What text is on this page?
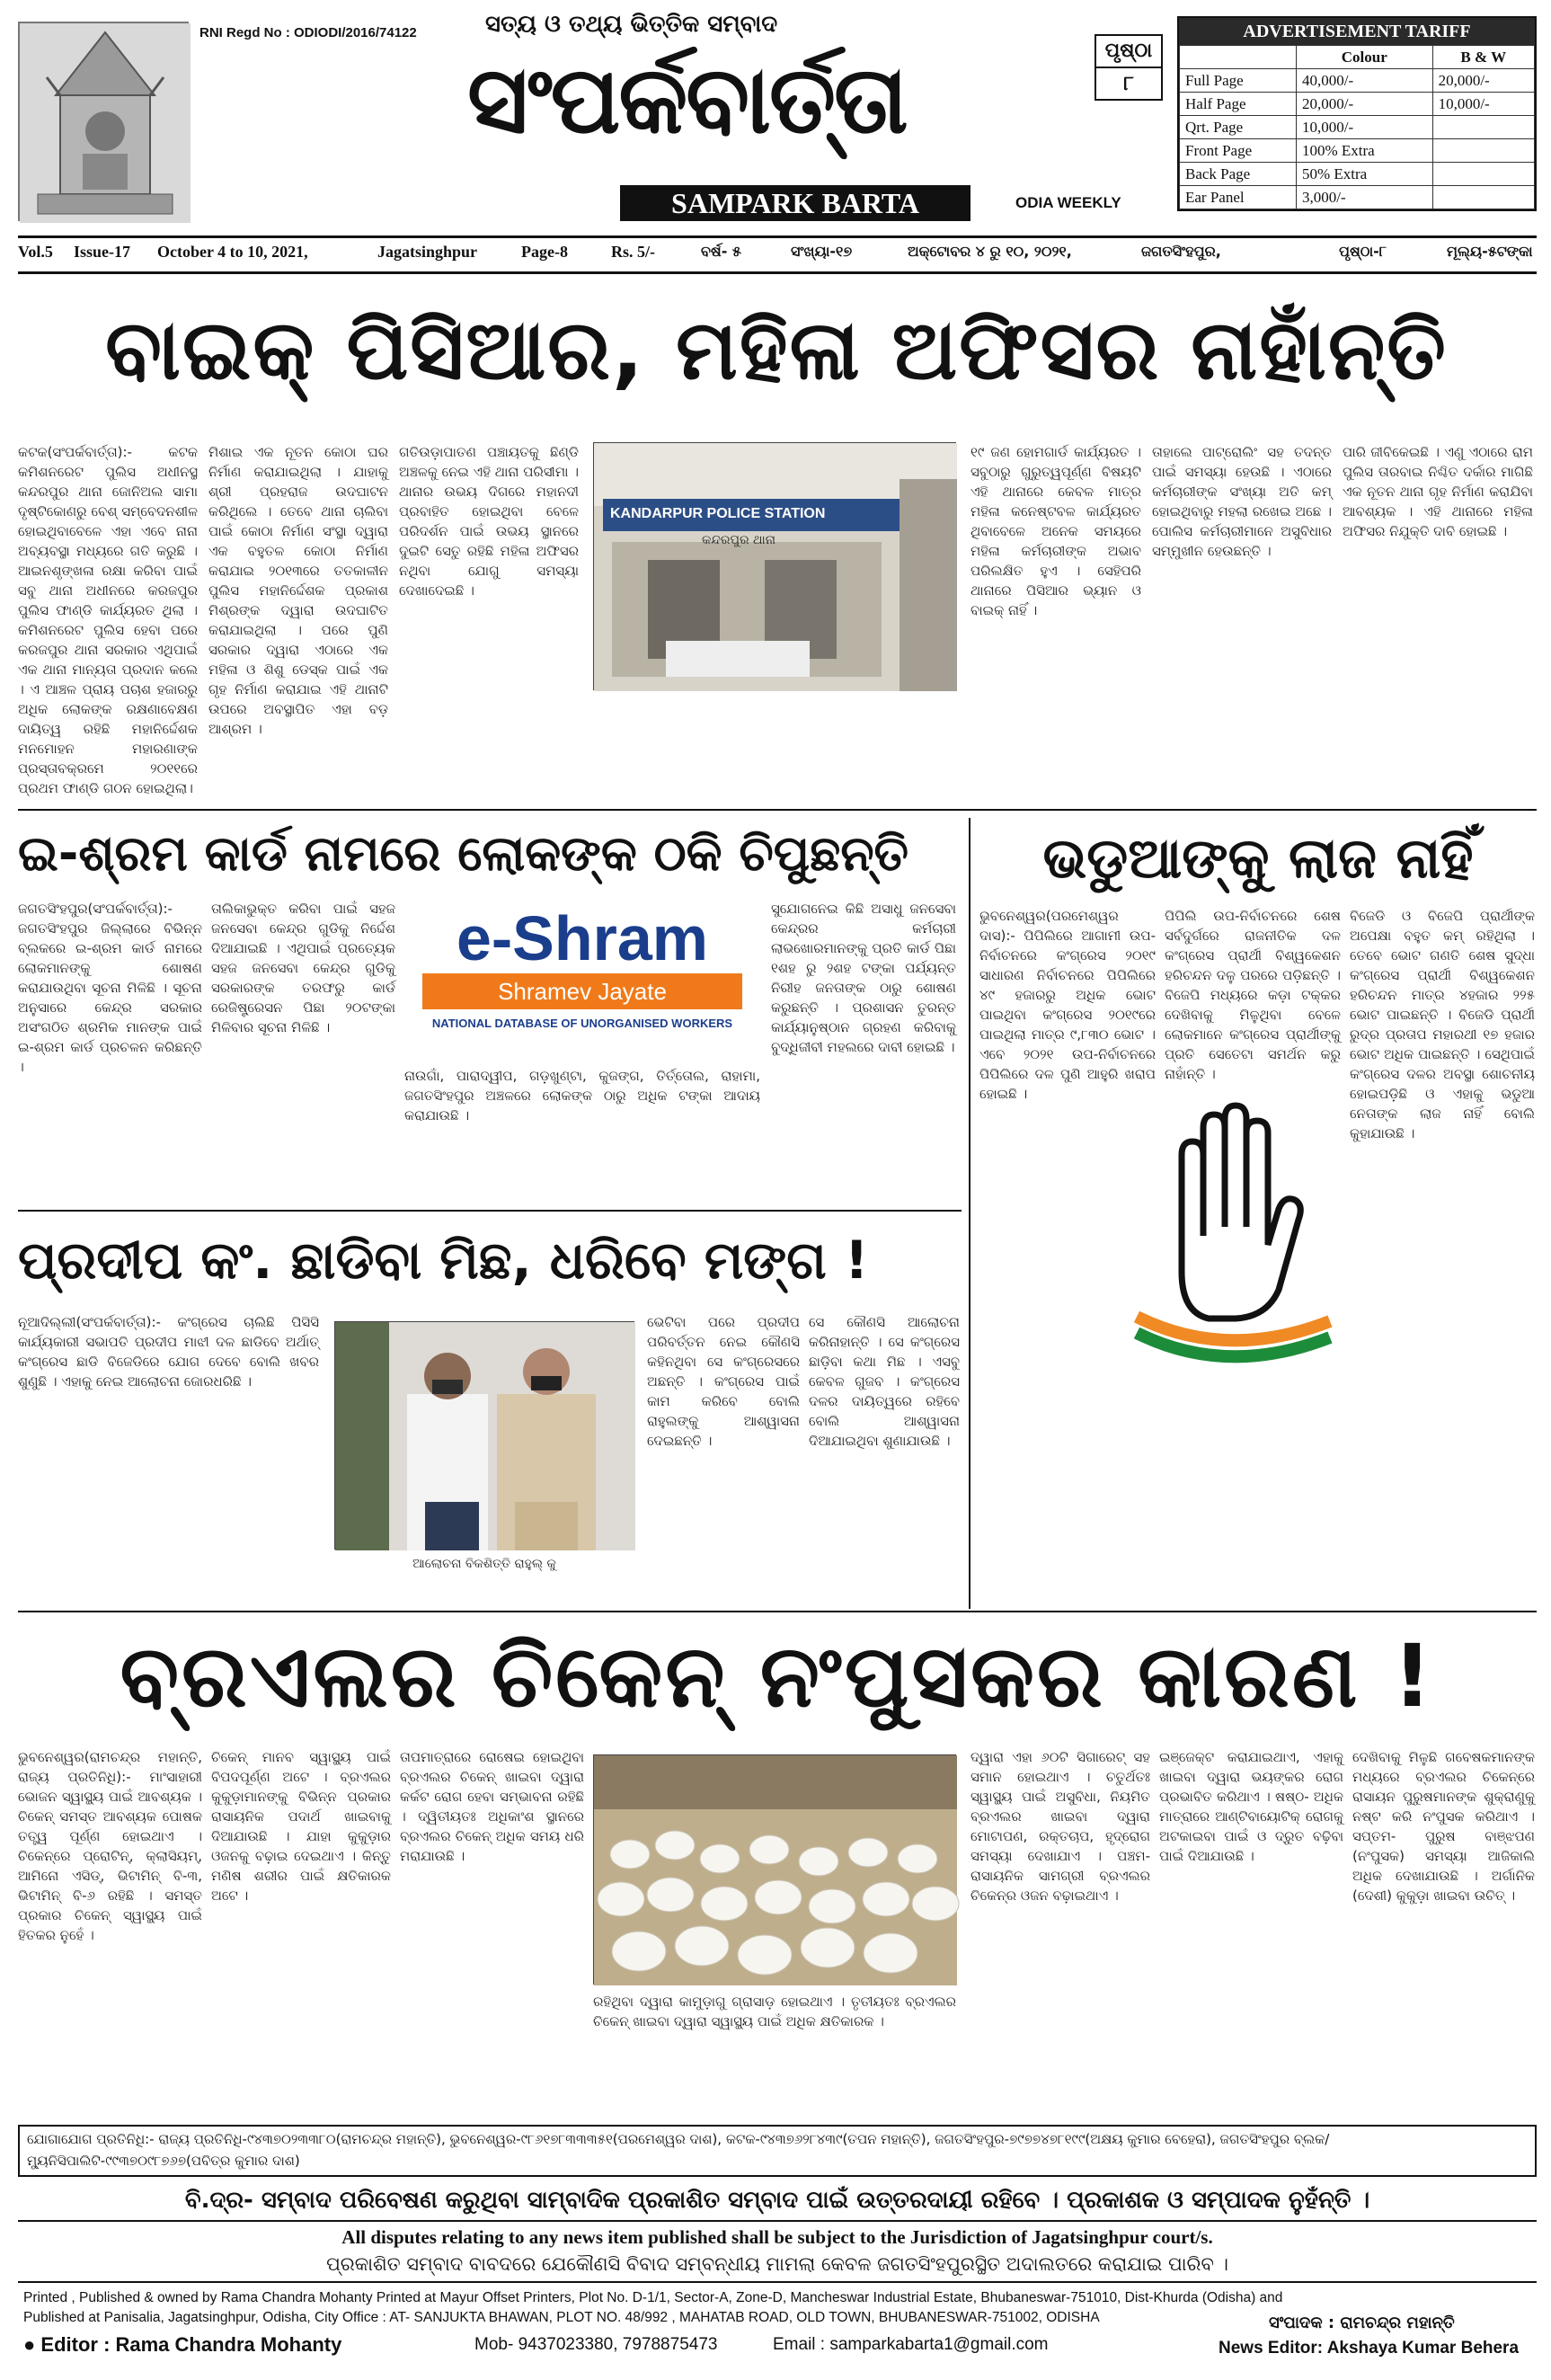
RNI Regd No : ODIODI/2016/74122	ସତ୍ୟ ଓ ତଥ୍ୟ ଭିତ୍ତିକ ସମ୍ବାଦ
ସଂପର୍କବାର୍ତ୍ତା
SAMPARK BARTA	ODIA WEEKLY
ପୃଷ୍ଠା
୮
ADVERTISEMENT TARIFF
	Colour	B & W
Full Page	40,000/-	20,000/-
Half Page	20,000/-	10,000/-
Qrt. Page	10,000/-	
Front Page	100% Extra	
Back Page	50% Extra	
Ear Panel	3,000/-	
Vol.5 Issue-17 October 4 to 10, 2021,	Jagatsinghpur	Page-8	Rs. 5/-	ବର୍ଷ- ୫	ସଂଖ୍ୟା-୧୭	ଅକ୍ଟୋବର ୪ ରୁ ୧୦, ୨୦୨୧,	ଜଗତସିଂହପୁର,	ପୃଷ୍ଠା-୮	ମୂଲ୍ୟ-୫ଟଙ୍କା
ବାଇକ୍ ପିସିଆର, ମହିଳା ଅଫିସର ନାହାଁନ୍ତି
କଟକ(ସଂପର୍କବାର୍ତ୍ତା):- କଟକ କମିଶନରେଟ ପୁଲିସ ଅଧୀନସ୍ଥ କନ୍ଦରପୁର ଥାନା ଜୋନିଅଲ ସାମା ଦୃଷ୍ଟିକୋଣରୁ ବେଶ୍ ସମ୍ବେଦନଶୀଳ ହୋଇଥିବାବେଳେ ଏହା ଏବେ ନାନା ଅବ୍ୟବସ୍ଥା ମଧ୍ୟରେ ଗତି କରୁଛି । ଆଇନଶୃଙ୍ଖଳା ରକ୍ଷା କରିବା ପାଇଁ ସବୁ ଥାନା ଅଧୀନରେ କରଜପୁର ପୁଲିସ ଫାଣ୍ଡି କାର୍ଯ୍ୟରତ ଥିଲା । କମିଶନରେଟ ପୁଲିସ ହେବା ପରେ କରଜପୁର ଥାନା ସରକାର ଏଥିପାଇଁ ଏକ ଥାନା ମାନ୍ୟତା ପ୍ରଦାନ କଲେ । ଏ ଆଞ୍ଚଳ ପ୍ରାୟ ପଚାଶ ହଜାରରୁ ଅଧିକ ଲୋକଙ୍କ ରକ୍ଷଣାବେକ୍ଷଣ ଦାୟିତ୍ୱ ରହିଛି ମହାନିର୍ଦ୍ଦେଶକ ମନମୋହନ ମହାରଣାଙ୍କ ପ୍ରସ୍ତାବକ୍ରମେ ୨୦୧୧ରେ ପ୍ରଥମ ଫାଣ୍ଡି ଗଠନ ହୋଇଥିଲା।
ମିଶାଇ ଏକ ନୂତନ କୋଠା ଘର ନିର୍ମାଣ କରାଯାଇଥିଲା । ଯାହାକୁ ଶ୍ରୀ ପ୍ରହରାଜ ଉଦଘାଟନ କରିଥିଲେ । ତେବେ ଥାନା ଚାଲିବା ପାଇଁ କୋଠା ନିର୍ମାଣ ସଂସ୍ଥା ଦ୍ୱାରା ଏକ ବହୁତଳ କୋଠା ନିର୍ମାଣ କରାଯାଇ ୨୦୧୩ରେ ତତକାଳୀନ ପୁଲିସ ମହାନିର୍ଦ୍ଦେଶକ ପ୍ରକାଶ ମିଶ୍ରଙ୍କ ଦ୍ୱାରା ଉଦଘାଟିତ କରାଯାଇଥିଲା । ପରେ ପୁଣି ସରକାର ଦ୍ୱାରା ଏଠାରେ ଏକ ମହିଳା ଓ ଶିଶୁ ଡେସ୍କ ପାଇଁ ଏକ ଗୃହ ନିର୍ମାଣ କରାଯାଇ ଏହି ଥାନାଟି ଉପରେ ଅବସ୍ଥାପିତ ଏହା ବଡ଼ ଆଶ୍ରମ ।
ଗତିଉଡ଼ାପାତଣ ପଞ୍ଚାୟତକୁ ଛିଣ୍ଡି ଅଞ୍ଚଳକୁ ନେଇ ଏହି ଥାନା ପରିସୀମା । ଥାନାର ଉଭୟ ଦିଗରେ ମହାନଦୀ ପ୍ରବାହିତ ହୋଇଥିବା ବେଳେ ପରିଦର୍ଶନ ପାଇଁ ଉଭୟ ସ୍ଥାନରେ ଦୁଇଟି ସେତୁ ରହିଛି ମହିଳା ଅଫିସର ନଥିବା ଯୋଗୁ ସମସ୍ୟା ଦେଖାଦେଇଛି ।
KANDARPUR POLICE STATION
କନ୍ଦରପୁର ଥାନା
୧୯ ଜଣ ହୋମଗାର୍ଡ କାର୍ଯ୍ୟରତ । ସବୁଠାରୁ ଗୁରୁତ୍ୱପୂର୍ଣ୍ଣ ବିଷୟଟି ଏହି ଥାନାରେ କେବଳ ମାତ୍ର ମହିଳା କନେଷ୍ଟବଳ କାର୍ଯ୍ୟରତ ଥିବାବେଳେ ଅନେକ ସମୟରେ ମହିଳା କର୍ମଚାରୀଙ୍କ ଅଭାବ ପରିଲକ୍ଷିତ ହୁଏ । ସେହିପରି ଥାନାରେ ପିସିଆର ଭ୍ୟାନ ଓ ବାଇକ୍ ନାହିଁ ।
ତାହାଲେ ପାଟ୍ରୋଲିଂ ସହ ତଦନ୍ତ ପାଇଁ ସମସ୍ୟା ହେଉଛି । ଏଠାରେ କର୍ମଚାରୀଙ୍କ ସଂଖ୍ୟା ଅତି କମ୍ ହୋଇଥିବାରୁ ମହଲା ରଖେଇ ଅଛେ । ପୋଲିସ କର୍ମଚାରୀମାନେ ଅସୁବିଧାର ସମ୍ମୁଖୀନ ହେଉଛନ୍ତି ।
ପାରି ଜୀବିକେଇଛି । ଏଣୁ ଏଠାରେ ରାମ ପୁଲିସ ତାରବାଇ ନିଶ୍ଚିତ ଦର୍କାର ମାଗିଛି ଏକ ନୂତନ ଥାନା ଗୃହ ନିର୍ମାଣ କରାଯିବା ଆବଶ୍ୟକ । ଏହି ଥାନାରେ ମହିଳା ଅଫିସର ନିଯୁକ୍ତି ଦାବି ହୋଇଛି ।
ଇ-ଶ୍ରମ କାର୍ଡ ନାମରେ ଲୋକଙ୍କ ଠକି ଚିପୁଛନ୍ତି
ଜଗତସିଂହପୁର(ସଂପର୍କବାର୍ତ୍ତା):- ଜଗତସିଂହପୁର ଜିଲ୍ଲାରେ ବିଭିନ୍ନ ବ୍ଲକରେ ଇ-ଶ୍ରମ କାର୍ଡ ନାମରେ ଲୋକମାନଙ୍କୁ ଶୋଷଣ କରାଯାଉଥିବା ସୂଚନା ମିଳିଛି । ସୂଚନା ଅନୁସାରେ କେନ୍ଦ୍ର ସରକାର ଅସଂଗଠିତ ଶ୍ରମିକ ମାନଙ୍କ ପାଇଁ ଇ-ଶ୍ରମ କାର୍ଡ ପ୍ରଚଳନ କରିଛନ୍ତି ।
e-Shram
Shramev Jayate
NATIONAL DATABASE OF UNORGANISED WORKERS
ତାଲିକାଭୁକ୍ତ କରିବା ପାଇଁ ସହଜ ଜନସେବା କେନ୍ଦ୍ର ଗୁଡିକୁ ନିର୍ଦ୍ଦେଶ ଦିଆଯାଇଛି । ଏଥିପାଇଁ ପ୍ରତ୍ୟେକ ସହଜ ଜନସେବା କେନ୍ଦ୍ର ଗୁଡିକୁ ସରକାରଙ୍କ ତରଫରୁ କାର୍ଡ ରେଜିଷ୍ଟ୍ରେସନ ପିଛା ୨୦ଟଙ୍କା ମିଳିବାର ସୂଚନା ମିଳିଛି ।
ନାଉଗାଁ, ପାରାଦ୍ୱୀପ, ଗଡ଼ଖୁଣ୍ଟା, କୁଜଙ୍ଗ, ତିର୍ତ୍ତୋଲ, ରାହାମା, ଜଗତସିଂହପୁର ଅଞ୍ଚଳରେ ଲୋକଙ୍କ ଠାରୁ ଅଧିକ ଟଙ୍କା ଆଦାୟ କରାଯାଉଛି ।
ସୁଯୋଗନେଇ କିଛି ଅସାଧୁ ଜନସେବା କେନ୍ଦ୍ରର କର୍ମଚାରୀ ଲାଭଖୋରମାନଙ୍କୁ ପ୍ରତି କାର୍ଡ ପିଛା ୧ଶହ ରୁ ୨ଶହ ଟଙ୍କା ପର୍ଯ୍ୟନ୍ତ ନିରୀହ ଜନତାଙ୍କ ଠାରୁ ଶୋଷଣ କରୁଛନ୍ତି । ପ୍ରଶାସନ ତୁରନ୍ତ କାର୍ଯ୍ୟାନୁଷ୍ଠାନ ଗ୍ରହଣ କରିବାକୁ ବୁଦ୍ଧିଜୀବୀ ମହଲରେ ଦାବୀ ହୋଇଛି ।
ଭଡୁଆଙ୍କୁ ଲାଜ ନାହିଁ
ଭୁବନେଶ୍ୱର(ପରମେଶ୍ୱର ଦାସ):- ପିପିଲିରେ ଆଗାମୀ ଉପ-ନିର୍ବାଚନରେ କଂଗ୍ରେସ ୨୦୧୯ ସାଧାରଣ ନିର୍ବାଚନରେ ପିପିଲିରେ ୪୯ ହଜାରରୁ ଅଧିକ ଭୋଟ ପାଇଥିବା କଂଗ୍ରେସ ୨୦୧୯ରେ ପାଇଥିଲା ମାତ୍ର ୯,୮୩୦ ଭୋଟ । ଏବେ ୨୦୨୧ ଉପ-ନିର୍ବାଚନରେ ପିପିଲିରେ ଦଳ ପୁଣି ଆହୁରି ଖରାପ ହୋଇଛି ।
ପିପିଲି ଉପ-ନିର୍ବାଚନରେ ଶେଷ ସର୍ବଦୁର୍ଗରେ ରାଜନୀତିକ ଦଳ କଂଗ୍ରେସ ପ୍ରାର୍ଥୀ ବିଶ୍ୱକେଶନ ହରିଚନ୍ଦନ ଦଳୁ ପରରେ ପଡ଼ିଛନ୍ତି । ବିଜେପି ମଧ୍ୟରେ କଡ଼ା ଟକ୍କର ଦେଖିବାକୁ ମିଳୁଥିବା ବେଳେ ଲୋକମାନେ କଂଗ୍ରେସ ପ୍ରାର୍ଥୀଙ୍କୁ ପ୍ରତି ସେତେଟା ସମର୍ଥନ କରୁ ନାହାଁନ୍ତି ।
ବିଜେଡି ଓ ବିଜେପି ପ୍ରାର୍ଥୀଙ୍କ ଅପେକ୍ଷା ବହୁତ କମ୍ ରହିଥିଲା । ତେବେ ଭୋଟ ଗଣତି ଶେଷ ସୁଦ୍ଧା କଂଗ୍ରେସ ପ୍ରାର୍ଥୀ ବିଶ୍ୱକେଶନ ହରିଚନ୍ଦନ ମାତ୍ର ୪ହଜାର ୨୨୫ ଭୋଟ ପାଇଛନ୍ତି । ବିଜେଡି ପ୍ରାର୍ଥୀ ରୁଦ୍ର ପ୍ରତାପ ମହାରଥୀ ୧୭ ହଜାର ଭୋଟ ଅଧିକ ପାଇଛନ୍ତି । ସେଥିପାଇଁ କଂଗ୍ରେସ ଦଳର ଅବସ୍ଥା ଶୋଚନୀୟ ହୋଇପଡ଼ିଛି ଓ ଏହାକୁ ଭଡୁଆ ନେତାଙ୍କ ଲାଜ ନାହିଁ ବୋଲି କୁହାଯାଉଛି ।
ପ୍ରଦୀପ କଂ. ଛାଡିବା ମିଛ, ଧରିବେ ମଙ୍ଗ !
ନୂଆଦିଲ୍ଲୀ(ସଂପର୍କବାର୍ତ୍ତା):- କଂଗ୍ରେସ ଚାଲିଛି ପିସିସି କାର୍ଯ୍ୟକାରୀ ସଭାପତି ପ୍ରଦୀପ ମାଝୀ ଦଳ ଛାଡିବେ ଅର୍ଥାତ୍ କଂଗ୍ରେସ ଛାଡି ବିଜେଡିରେ ଯୋଗ ଦେବେ ବୋଲି ଖବର ଶୁଣୁଛି । ଏହାକୁ ନେଇ ଆଲୋଚନା ଜୋରଧରିଛି ।
ଆଲୋଚନା ବିକଶିତ୍ତି ରାହୁଲ୍ କୁ
ଭେଟିବା ପରେ ପ୍ରଦୀପ ପରିବର୍ତ୍ତନ ନେଇ କୌଣସି କହିନଥିବା ସେ କଂଗ୍ରେସରେ ଅଛନ୍ତି । କଂଗ୍ରେସ ପାଇଁ କାମ କରିବେ ବୋଲି ରାହୁଲଙ୍କୁ ଆଶ୍ୱାସନା ଦେଇଛନ୍ତି ।
ସେ କୌଣସି ଆଲୋଚନା କରିନାହାନ୍ତି । ସେ କଂଗ୍ରେସ ଛାଡ଼ିବା କଥା ମିଛ । ଏସବୁ କେବଳ ଗୁଜବ । କଂଗ୍ରେସ ଦଳର ଦାୟିତ୍ୱରେ ରହିବେ ବୋଲି ଆଶ୍ୱାସନା ଦିଆଯାଇଥିବା ଶୁଣାଯାଉଛି ।
ବ୍ରଏଲର ଚିକେନ୍ ନଂପୁସକର କାରଣ !
ଭୁବନେଶ୍ୱର(ରାମଚନ୍ଦ୍ର ମହାନ୍ତି, ରାଜ୍ୟ ପ୍ରତିନିଧି):- ମାଂସାହାରୀ ଭୋଜନ ସ୍ୱାସ୍ଥ୍ୟ ପାଇଁ ଆବଶ୍ୟକ । ଚିକେନ୍ ସମସ୍ତ ଆବଶ୍ୟକ ପୋଷକ ତତ୍ତ୍ୱ ପୂର୍ଣ୍ଣ ହୋଇଥାଏ । ଚିକେନ୍‌ରେ ପ୍ରୋଟିନ୍, କ୍ଲାସିୟମ୍, ଆମିନୋ ଏସିଡ୍, ଭିଟାମିନ୍ ବି-୩, ଭିଟାମିନ୍ ବି-୬ ରହିଛି । ସମସ୍ତ ପ୍ରକାର ଚିକେନ୍ ସ୍ୱାସ୍ଥ୍ୟ ପାଇଁ ହିତକର ନୁହେଁ ।
ଚିକେନ୍ ମାନବ ସ୍ୱାସ୍ଥ୍ୟ ପାଇଁ ବିପଦପୂର୍ଣ୍ଣ ଅଟେ । ବ୍ରଏଲର କୁକୁଡ଼ାମାନଙ୍କୁ ବିଭିନ୍ନ ପ୍ରକାର ରାସାୟନିକ ପଦାର୍ଥ ଖାଇବାକୁ ଦିଆଯାଉଛି । ଯାହା କୁକୁଡ଼ାର ଓଜନକୁ ବଢ଼ାଇ ଦେଇଥାଏ । କିନ୍ତୁ ମଣିଷ ଶରୀର ପାଇଁ କ୍ଷତିକାରକ ଅଟେ ।
ତାପମାତ୍ରାରେ ରୋଷେଇ ହୋଇଥିବା ବ୍ରଏଲର ଚିକେନ୍ ଖାଇବା ଦ୍ୱାରା କର୍କଟ ରୋଗ ହେବା ସମ୍ଭାବନା ରହିଛି । ଦ୍ୱିତୀୟତଃ ଅଧିକାଂଶ ସ୍ଥାନରେ ବ୍ରଏଲର ଚିକେନ୍ ଅଧିକ ସମୟ ଧରି ମରାଯାଉଛି ।
ରହିଥିବା ଦ୍ୱାରା କାମୁଡ଼ାଗୁ ଗ୍ରାସାଡ଼ ହୋଇଥାଏ । ତୃତୀୟତଃ ବ୍ରଏଲର ଚିକେନ୍ ଖାଇବା ଦ୍ୱାରା ସ୍ୱାସ୍ଥ୍ୟ ପାଇଁ ଅଧିକ କ୍ଷତିକାରକ ।
ଦ୍ୱାରା ଏହା ୬୦ଟି ସିଗାରେଟ୍ ସହ ସମାନ ହୋଇଥାଏ । ଚତୁର୍ଥତଃ ସ୍ୱାସ୍ଥ୍ୟ ପାଇଁ ଅସୁବିଧା, ନିୟମିତ ବ୍ରଏଲର ଖାଇବା ଦ୍ୱାରା ମୋଟାପଣ, ରକ୍ତଚାପ, ହୃଦ୍‌ରୋଗ ସମସ୍ୟା ଦେଖାଯାଏ । ପଞ୍ଚମ-ରାସାୟନିକ ସାମଗ୍ରୀ ବ୍ରଏଲର ଚିକେନ୍‌ର ଓଜନ ବଢ଼ାଇଥାଏ ।
ଇଞ୍ଜେକ୍ଟ କରାଯାଇଥାଏ, ଏହାକୁ ଖାଇବା ଦ୍ୱାରା ଭୟଙ୍କର ରୋଗ ପ୍ରଭାବିତ କରିଥାଏ । ଷଷ୍ଠ- ଅଧିକ ମାତ୍ରାରେ ଆଣ୍ଟିବାୟୋଟିକ୍ ରୋଗକୁ ଅଟକାଇବା ପାଇଁ ଓ ଦ୍ରୁତ ବଢ଼ିବା ପାଇଁ ଦିଆଯାଉଛି ।
ଦେଖିବାକୁ ମିଳୁଛି ଗବେଷକମାନଙ୍କ ମଧ୍ୟରେ ବ୍ରଏଲର ଚିକେନ୍‌ରେ ରାସାୟନ ପୁରୁଷମାନଙ୍କ ଶୁକ୍ରାଣୁକୁ ନଷ୍ଟ କରି ନଂପୁସକ କରିଥାଏ । ସପ୍ତମ- ପୁରୁଷ ବାଞ୍ଝପଣ (ନଂପୁସକ) ସମସ୍ୟା ଆଜିକାଲି ଅଧିକ ଦେଖାଯାଉଛି । ଅର୍ଗାନିକ (ଦେଶୀ) କୁକୁଡ଼ା ଖାଇବା ଉଚିତ୍ ।
ଯୋଗାଯୋଗ ପ୍ରତିନିଧି:- ରାଜ୍ୟ ପ୍ରତିନିଧି-୯୪୩୭୦୨୩୩୮୦(ରାମଚନ୍ଦ୍ର ମହାନ୍ତି), ଭୁବନେଶ୍ୱର-୯୮୬୧୭୮୩୩୩୫୧(ପରମେଶ୍ୱର ଦାଶ), କଟକ-୯୪୩୭୬୨୮୪୩୯(ତପନ ମହାନ୍ତି), ଜଗତସିଂହପୁର-୭୯୭୭୪୭୮୧୯୯(ଅକ୍ଷୟ କୁମାର ବେହେରା), ଜଗତସିଂହପୁର ବ୍ଲକ/ମ୍ୟୁନିସିପାଲିଟି-୯୯୩୭୦୯୮୭୬୭(ପବିତ୍ର କୁମାର ଦାଶ)
ବି.ଦ୍ର- ସମ୍ବାଦ ପରିବେଷଣ କରୁଥିବା ସାମ୍ବାଦିକ ପ୍ରକାଶିତ ସମ୍ବାଦ ପାଇଁ ଉତ୍ତରଦାୟୀ ରହିବେ । ପ୍ରକାଶକ ଓ ସମ୍ପାଦକ ନୁହଁନ୍ତି ।
All disputes relating to any news item published shall be subject to the Jurisdiction of Jagatsinghpur court/s.
ପ୍ରକାଶିତ ସମ୍ବାଦ ବାବଦରେ ଯେକୌଣସି ବିବାଦ ସମ୍ବନ୍ଧୀୟ ମାମଲା କେବଳ ଜଗତସିଂହପୁରସ୍ଥିତ ଅଦାଲତରେ କରାଯାଇ ପାରିବ ।
Printed , Published & owned by Rama Chandra Mohanty Printed at Mayur Offset Printers, Plot No. D-1/1, Sector-A, Zone-D, Mancheswar Industrial Estate, Bhubaneswar-751010, Dist-Khurda (Odisha) and
Published at Panisalia, Jagatsinghpur, Odisha, City Office : AT- SANJUKTA BHAWAN, PLOT NO. 48/992 , MAHATAB ROAD, OLD TOWN, BHUBANESWAR-751002, ODISHA
● Editor : Rama Chandra Mohanty	Mob- 9437023380, 7978875473	Email : samparkabarta1@gmail.com
ସଂପାଦକ : ରାମଚନ୍ଦ୍ର ମହାନ୍ତି
News Editor: Akshaya Kumar Behera
